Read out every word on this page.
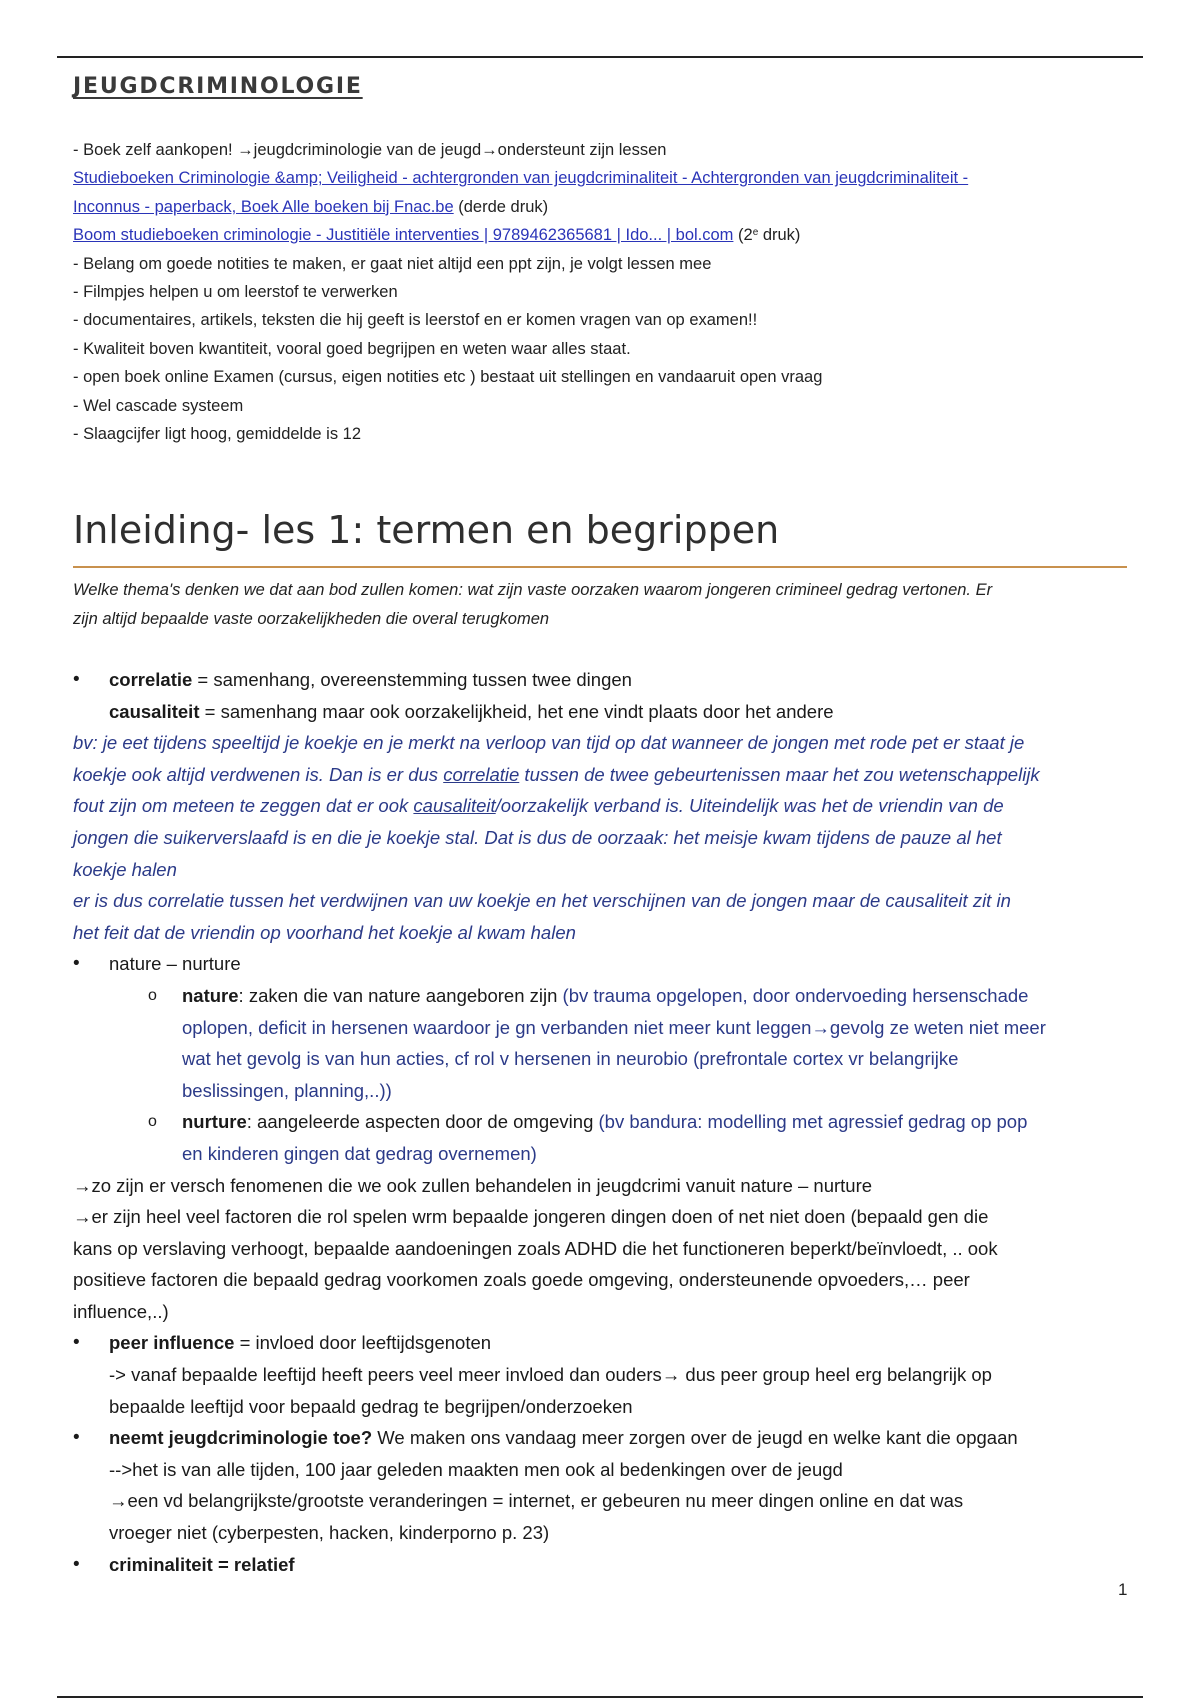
JEUGDCRIMINOLOGIE
- Boek zelf aankopen! →jeugdcriminologie van de jeugd→ondersteunt zijn lessen
Studieboeken Criminologie &amp; Veiligheid - achtergronden van jeugdcriminaliteit - Achtergronden van jeugdcriminaliteit -
Inconnus - paperback, Boek Alle boeken bij Fnac.be (derde druk)
Boom studieboeken criminologie - Justitiële interventies | 9789462365681 | Ido... | bol.com (2e druk)
- Belang om goede notities te maken, er gaat niet altijd een ppt zijn, je volgt lessen mee
- Filmpjes helpen u om leerstof te verwerken
- documentaires, artikels, teksten die hij geeft is leerstof en er komen vragen van op examen!!
- Kwaliteit boven kwantiteit, vooral goed begrijpen en weten waar alles staat.
- open boek online Examen (cursus, eigen notities etc ) bestaat uit stellingen en vandaaruit open vraag
- Wel cascade systeem
- Slaagcijfer ligt hoog, gemiddelde is 12
Inleiding- les 1: termen en begrippen
Welke thema's denken we dat aan bod zullen komen: wat zijn vaste oorzaken waarom jongeren crimineel gedrag vertonen. Er
zijn altijd bepaalde vaste oorzakelijkheden die overal terugkomen
• correlatie = samenhang, overeenstemming tussen twee dingen
causaliteit = samenhang maar ook oorzakelijkheid, het ene vindt plaats door het andere
bv: je eet tijdens speeltijd je koekje en je merkt na verloop van tijd op dat wanneer de jongen met rode pet er staat je
koekje ook altijd verdwenen is. Dan is er dus correlatie tussen de twee gebeurtenissen maar het zou wetenschappelijk
fout zijn om meteen te zeggen dat er ook causaliteit/oorzakelijk verband is. Uiteindelijk was het de vriendin van de
jongen die suikerverslaafd is en die je koekje stal. Dat is dus de oorzaak: het meisje kwam tijdens de pauze al het
koekje halen
er is dus correlatie tussen het verdwijnen van uw koekje en het verschijnen van de jongen maar de causaliteit zit in
het feit dat de vriendin op voorhand het koekje al kwam halen
• nature – nurture
o nature: zaken die van nature aangeboren zijn (bv trauma opgelopen, door ondervoeding hersenschade
oplopen, deficit in hersenen waardoor je gn verbanden niet meer kunt leggen→gevolg ze weten niet meer
wat het gevolg is van hun acties, cf rol v hersenen in neurobio (prefrontale cortex vr belangrijke
beslissingen, planning,..))
o nurture: aangeleerde aspecten door de omgeving (bv bandura: modelling met agressief gedrag op pop
en kinderen gingen dat gedrag overnemen)
→zo zijn er versch fenomenen die we ook zullen behandelen in jeugdcrimi vanuit nature – nurture
→er zijn heel veel factoren die rol spelen wrm bepaalde jongeren dingen doen of net niet doen (bepaald gen die
kans op verslaving verhoogt, bepaalde aandoeningen zoals ADHD die het functioneren beperkt/beïnvloedt, .. ook
positieve factoren die bepaald gedrag voorkomen zoals goede omgeving, ondersteunende opvoeders,… peer
influence,..)
• peer influence = invloed door leeftijdsgenoten
-> vanaf bepaalde leeftijd heeft peers veel meer invloed dan ouders→ dus peer group heel erg belangrijk op
bepaalde leeftijd voor bepaald gedrag te begrijpen/onderzoeken
• neemt jeugdcriminologie toe? We maken ons vandaag meer zorgen over de jeugd en welke kant die opgaan
-->het is van alle tijden, 100 jaar geleden maakten men ook al bedenkingen over de jeugd
→een vd belangrijkste/grootste veranderingen = internet, er gebeuren nu meer dingen online en dat was
vroeger niet (cyberpesten, hacken, kinderporno p. 23)
• criminaliteit = relatief
1
